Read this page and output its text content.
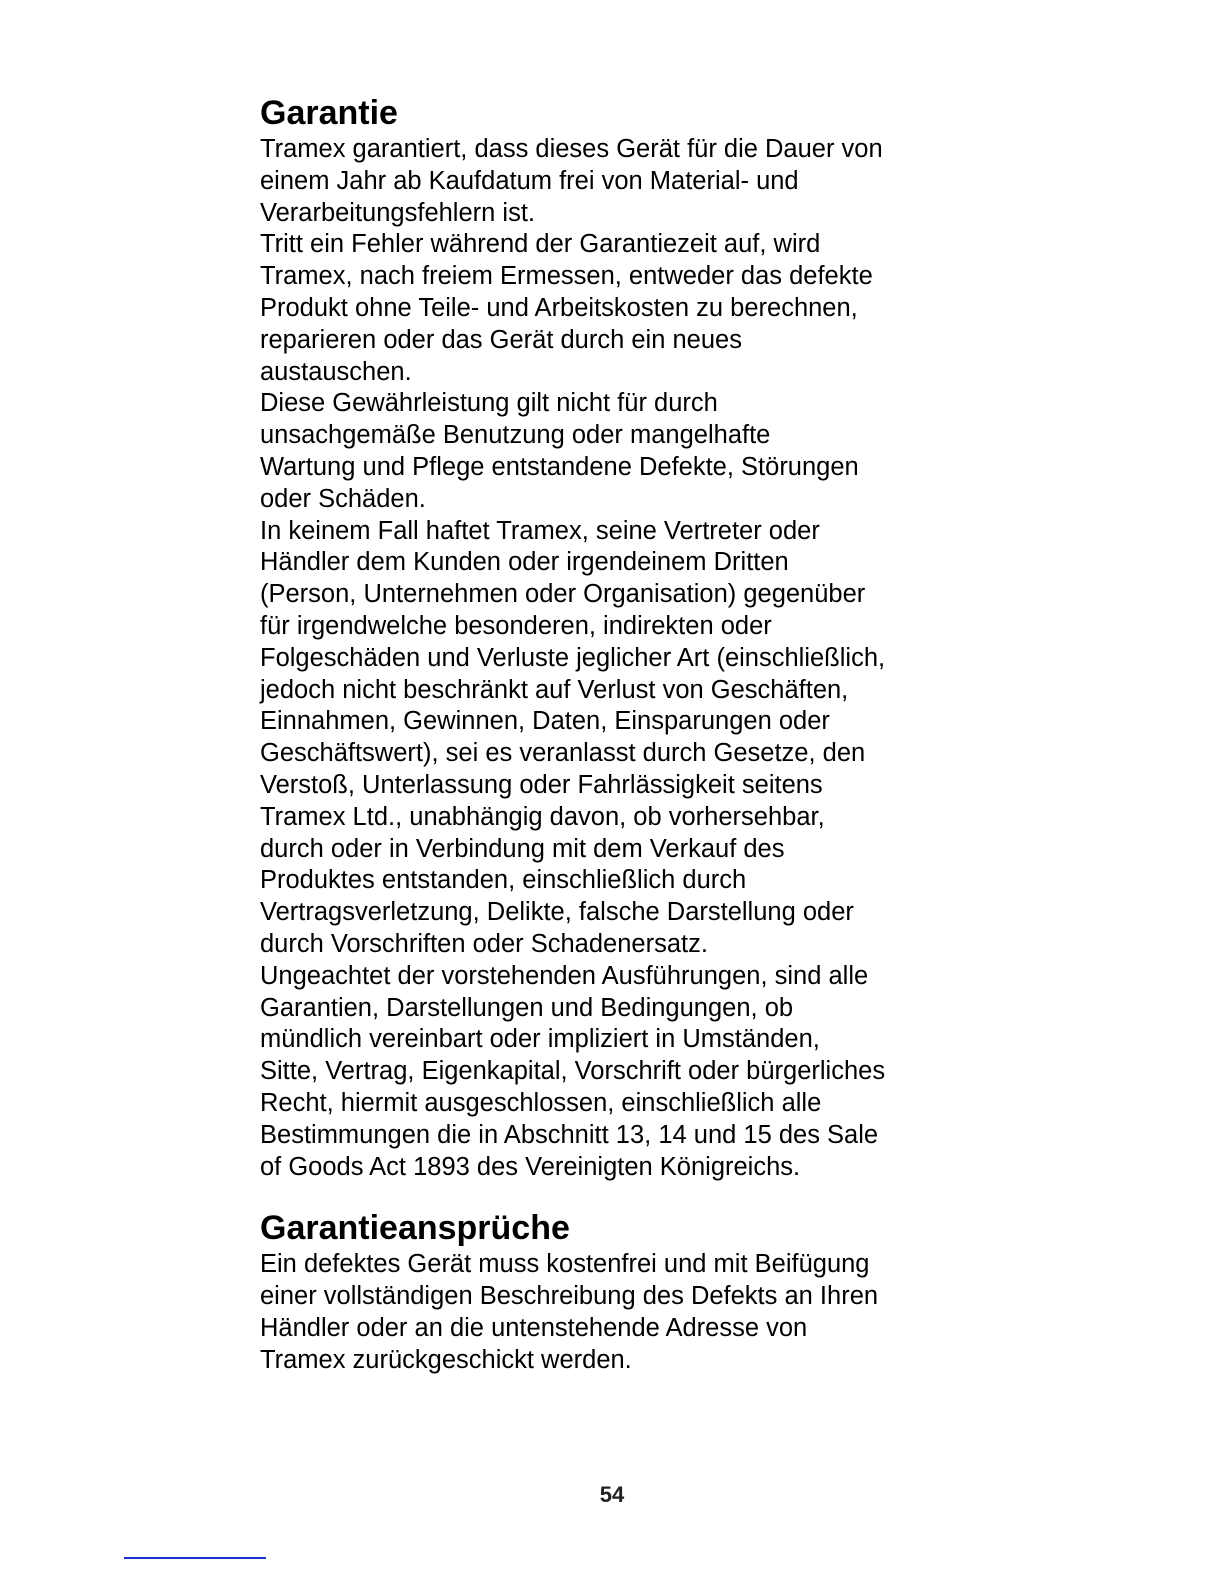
Garantie
Tramex garantiert, dass dieses Gerät für die Dauer von
einem Jahr ab Kaufdatum frei von Material- und
Verarbeitungsfehlern ist.
Tritt ein Fehler während der Garantiezeit auf, wird
Tramex, nach freiem Ermessen, entweder das defekte
Produkt ohne Teile- und Arbeitskosten zu berechnen,
reparieren oder das Gerät durch ein neues
austauschen.
Diese Gewährleistung gilt nicht für durch
unsachgemäße Benutzung oder mangelhafte
Wartung und Pflege entstandene Defekte, Störungen
oder Schäden.
In keinem Fall haftet Tramex, seine Vertreter oder
Händler dem Kunden oder irgendeinem Dritten
(Person, Unternehmen oder Organisation) gegenüber
für irgendwelche besonderen, indirekten oder
Folgeschäden und Verluste jeglicher Art (einschließlich,
jedoch nicht beschränkt auf Verlust von Geschäften,
Einnahmen, Gewinnen, Daten, Einsparungen oder
Geschäftswert), sei es veranlasst durch Gesetze, den
Verstoß, Unterlassung oder Fahrlässigkeit seitens
Tramex Ltd., unabhängig davon, ob vorhersehbar,
durch oder in Verbindung mit dem Verkauf des
Produktes entstanden, einschließlich durch
Vertragsverletzung, Delikte, falsche Darstellung oder
durch Vorschriften oder Schadenersatz.
Ungeachtet der vorstehenden Ausführungen, sind alle
Garantien, Darstellungen und Bedingungen, ob
mündlich vereinbart oder impliziert in Umständen,
Sitte, Vertrag, Eigenkapital, Vorschrift oder bürgerliches
Recht, hiermit ausgeschlossen, einschließlich alle
Bestimmungen die in Abschnitt 13, 14 und 15 des Sale
of Goods Act 1893 des Vereinigten Königreichs.
Garantieansprüche
Ein defektes Gerät muss kostenfrei und mit Beifügung
einer vollständigen Beschreibung des Defekts an Ihren
Händler oder an die untenstehende Adresse von
Tramex zurückgeschickt werden.
54
